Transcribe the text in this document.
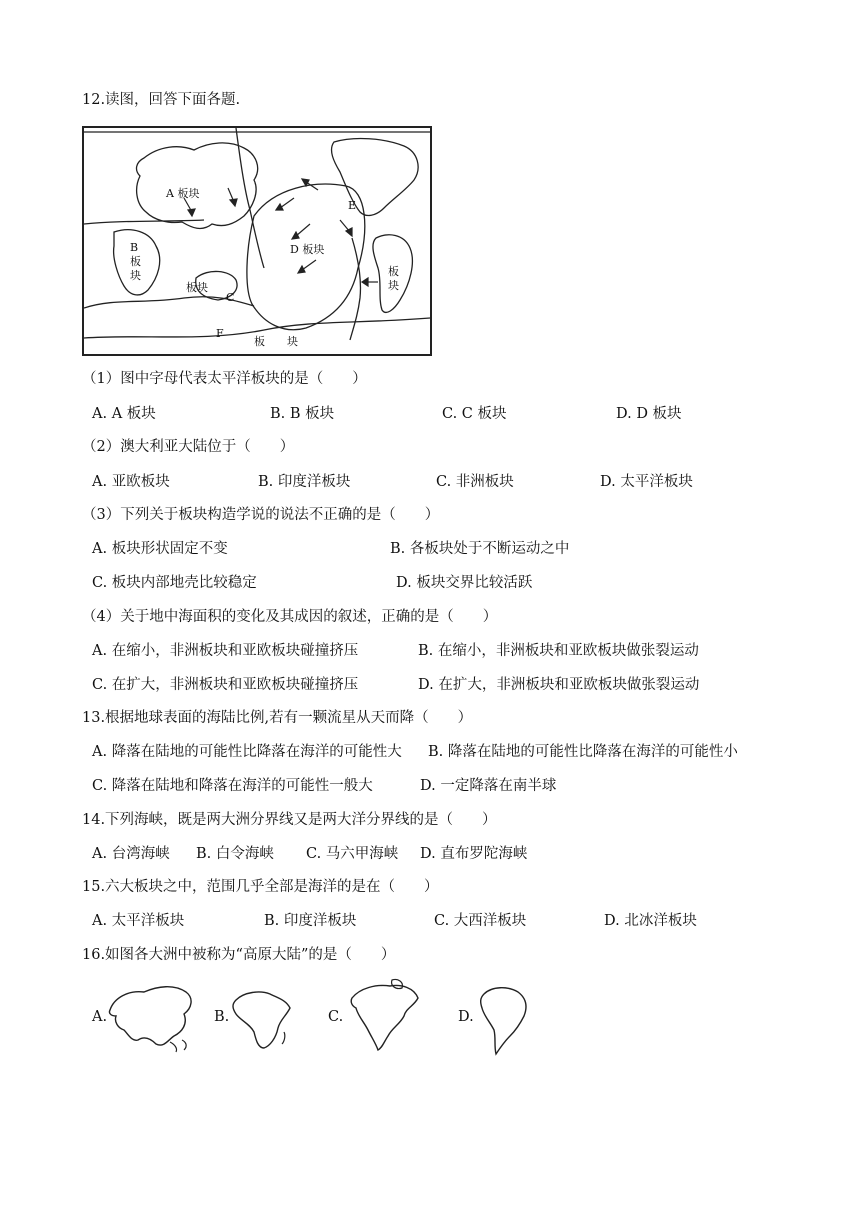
12.读图，回答下面各题.
A 板块
B
板
块
板块
C
D 板块
E
板
块
F
板　　块
（1）图中字母代表太平洋板块的是（　　）
A. A 板块	B. B 板块	C. C 板块	D. D 板块
（2）澳大利亚大陆位于（　　）
A. 亚欧板块	B. 印度洋板块	C. 非洲板块	D. 太平洋板块
（3）下列关于板块构造学说的说法不正确的是（　　）
A. 板块形状固定不变	B. 各板块处于不断运动之中
C. 板块内部地壳比较稳定	D. 板块交界比较活跃
（4）关于地中海面积的变化及其成因的叙述，正确的是（　　）
A. 在缩小，非洲板块和亚欧板块碰撞挤压	B. 在缩小，非洲板块和亚欧板块做张裂运动
C. 在扩大，非洲板块和亚欧板块碰撞挤压	D. 在扩大，非洲板块和亚欧板块做张裂运动
13.根据地球表面的海陆比例,若有一颗流星从天而降（　　）
A. 降落在陆地的可能性比降落在海洋的可能性大 B. 降落在陆地的可能性比降落在海洋的可能性小
C. 降落在陆地和降落在海洋的可能性一般大	D. 一定降落在南半球
14.下列海峡，既是两大洲分界线又是两大洋分界线的是（　　）
A. 台湾海峡 B. 白令海峡 C. 马六甲海峡 D. 直布罗陀海峡
15.六大板块之中，范围几乎全部是海洋的是在（　　）
A. 太平洋板块	B. 印度洋板块	C. 大西洋板块	D. 北冰洋板块
16.如图各大洲中被称为“高原大陆”的是（　　）
A.	B.	C.	D.
